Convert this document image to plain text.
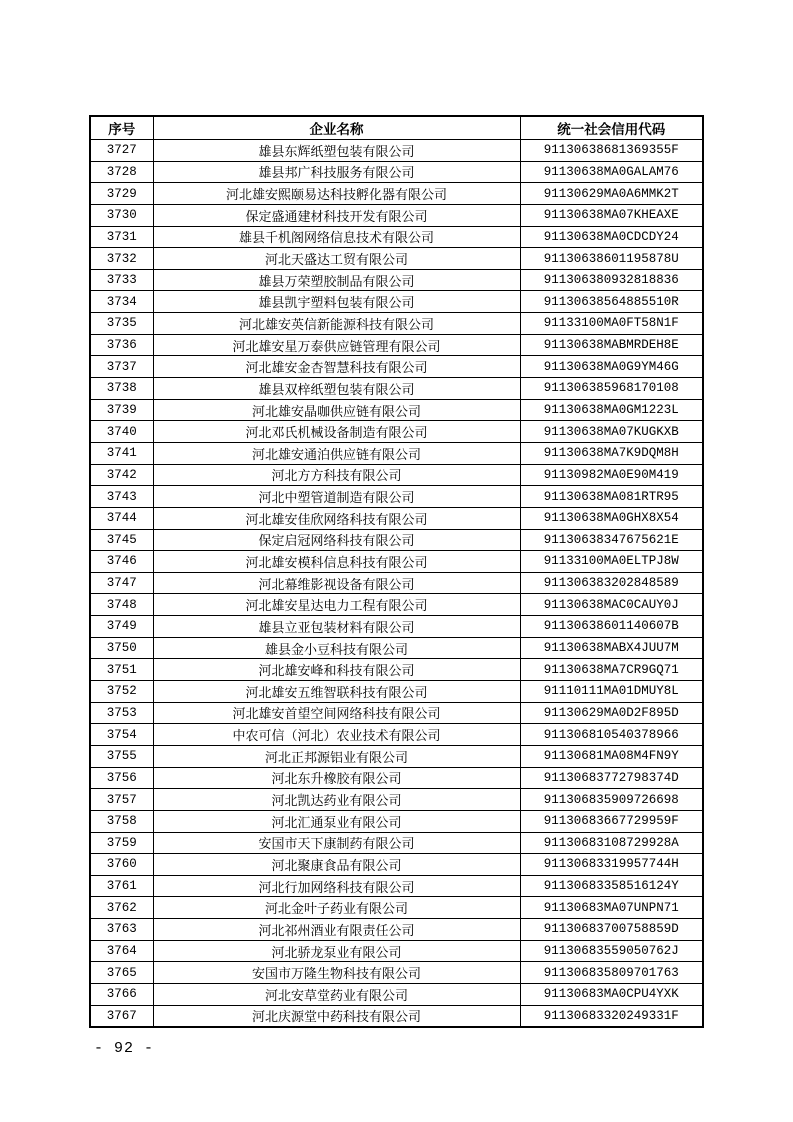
序号	企业名称	统一社会信用代码
3727	雄县东辉纸塑包装有限公司	91130638681369355F
3728	雄县邦广科技服务有限公司	91130638MA0GALAM76
3729	河北雄安熙颐易达科技孵化器有限公司	91130629MA0A6MMK2T
3730	保定盛通建材科技开发有限公司	91130638MA07KHEAXE
3731	雄县千机阁网络信息技术有限公司	91130638MA0CDCDY24
3732	河北天盛达工贸有限公司	91130638601195878U
3733	雄县万荣塑胶制品有限公司	911306380932818836
3734	雄县凯宇塑料包装有限公司	91130638564885510R
3735	河北雄安英信新能源科技有限公司	91133100MA0FT58N1F
3736	河北雄安星万泰供应链管理有限公司	91130638MABMRDEH8E
3737	河北雄安金杏智慧科技有限公司	91130638MA0G9YM46G
3738	雄县双梓纸塑包装有限公司	911306385968170108
3739	河北雄安晶咖供应链有限公司	91130638MA0GM1223L
3740	河北邓氏机械设备制造有限公司	91130638MA07KUGKXB
3741	河北雄安通泊供应链有限公司	91130638MA7K9DQM8H
3742	河北方方科技有限公司	91130982MA0E90M419
3743	河北中塑管道制造有限公司	91130638MA081RTR95
3744	河北雄安佳欣网络科技有限公司	91130638MA0GHX8X54
3745	保定启冠网络科技有限公司	91130638347675621E
3746	河北雄安模科信息科技有限公司	91133100MA0ELTPJ8W
3747	河北幕维影视设备有限公司	911306383202848589
3748	河北雄安星达电力工程有限公司	91130638MAC0CAUY0J
3749	雄县立亚包装材料有限公司	91130638601140607B
3750	雄县金小豆科技有限公司	91130638MABX4JUU7M
3751	河北雄安峰和科技有限公司	91130638MA7CR9GQ71
3752	河北雄安五维智联科技有限公司	91110111MA01DMUY8L
3753	河北雄安首望空间网络科技有限公司	91130629MA0D2F895D
3754	中农可信（河北）农业技术有限公司	911306810540378966
3755	河北正邦源铝业有限公司	91130681MA08M4FN9Y
3756	河北东升橡胶有限公司	91130683772798374D
3757	河北凯达药业有限公司	911306835909726698
3758	河北汇通泵业有限公司	91130683667729959F
3759	安国市天下康制药有限公司	91130683108729928A
3760	河北聚康食品有限公司	91130683319957744H
3761	河北行加网络科技有限公司	91130683358516124Y
3762	河北金叶子药业有限公司	91130683MA07UNPN71
3763	河北祁州酒业有限责任公司	91130683700758859D
3764	河北骄龙泵业有限公司	91130683559050762J
3765	安国市万隆生物科技有限公司	911306835809701763
3766	河北安草堂药业有限公司	91130683MA0CPU4YXK
3767	河北庆源堂中药科技有限公司	91130683320249331F
- 92 -
